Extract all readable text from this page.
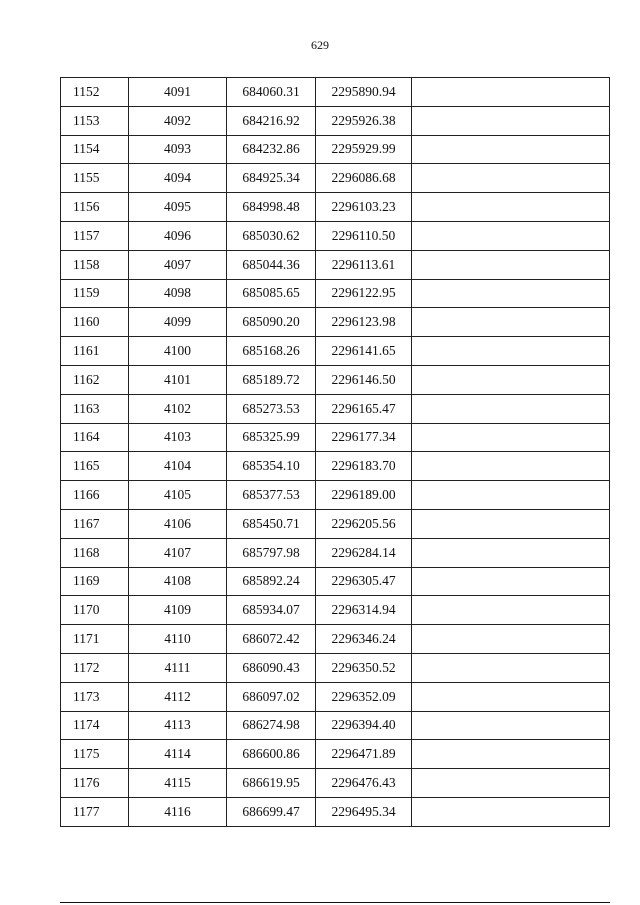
629
1152	4091	684060.31	2295890.94	
1153	4092	684216.92	2295926.38	
1154	4093	684232.86	2295929.99	
1155	4094	684925.34	2296086.68	
1156	4095	684998.48	2296103.23	
1157	4096	685030.62	2296110.50	
1158	4097	685044.36	2296113.61	
1159	4098	685085.65	2296122.95	
1160	4099	685090.20	2296123.98	
1161	4100	685168.26	2296141.65	
1162	4101	685189.72	2296146.50	
1163	4102	685273.53	2296165.47	
1164	4103	685325.99	2296177.34	
1165	4104	685354.10	2296183.70	
1166	4105	685377.53	2296189.00	
1167	4106	685450.71	2296205.56	
1168	4107	685797.98	2296284.14	
1169	4108	685892.24	2296305.47	
1170	4109	685934.07	2296314.94	
1171	4110	686072.42	2296346.24	
1172	4111	686090.43	2296350.52	
1173	4112	686097.02	2296352.09	
1174	4113	686274.98	2296394.40	
1175	4114	686600.86	2296471.89	
1176	4115	686619.95	2296476.43	
1177	4116	686699.47	2296495.34	
